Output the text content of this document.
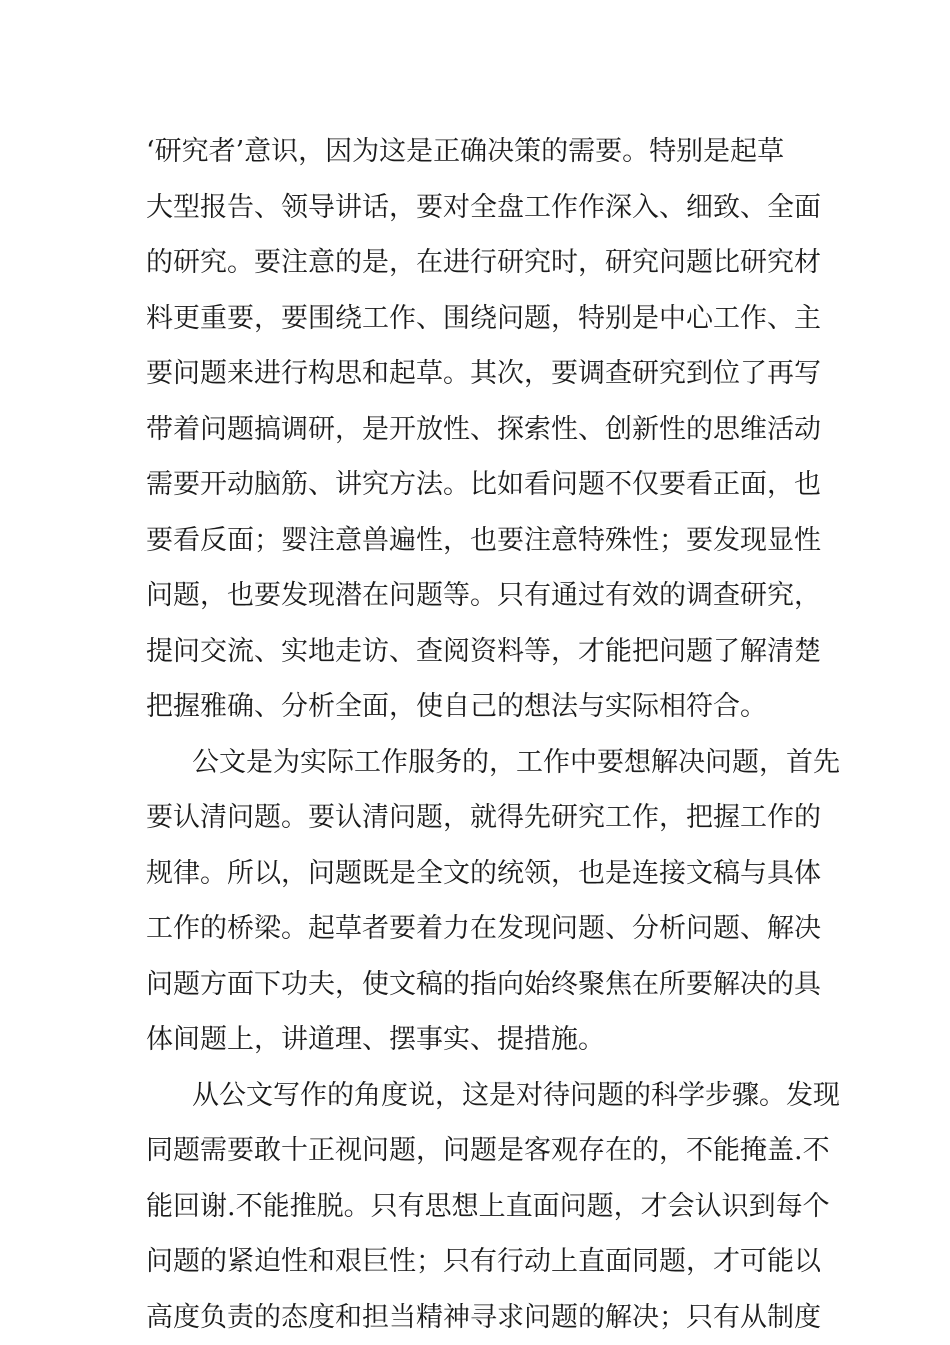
‘研究者’意识，因为这是正确决策的需要。特别是起草

大型报告、领导讲话，要对全盘工作作深入、细致、全面

的研究。要注意的是，在进行研究时，研究问题比研究材

料更重要，要围绕工作、围绕问题，特别是中心工作、主

要问题来进行构思和起草。其次，要调查研究到位了再写

带着问题搞调研，是开放性、探索性、创新性的思维活动

需要开动脑筋、讲究方法。比如看问题不仅要看正面，也

要看反面；婴注意兽遍性，也要注意特殊性；要发现显性

问题，也要发现潜在问题等。只有通过有效的调查研究，

提问交流、实地走访、查阅资料等，才能把问题了解清楚

把握雅确、分析全面，使自己的想法与实际相符合。

公文是为实际工作服务的，工作中要想解决问题，首先

要认清问题。要认清问题，就得先研究工作，把握工作的

规律。所以，问题既是全文的统领，也是连接文稿与具体

工作的桥梁。起草者要着力在发现问题、分析问题、解决

问题方面下功夫，使文稿的指向始终聚焦在所要解决的具

体间题上，讲道理、摆事实、提措施。

从公文写作的角度说，这是对待问题的科学步骤。发现

同题需要敢十正视问题，问题是客观存在的，不能掩盖.不

能回谢.不能推脱。只有思想上直面问题，才会认识到每个

问题的紧迫性和艰巨性；只有行动上直面同题，才可能以

高度负责的态度和担当精神寻求问题的解决；只有从制度
